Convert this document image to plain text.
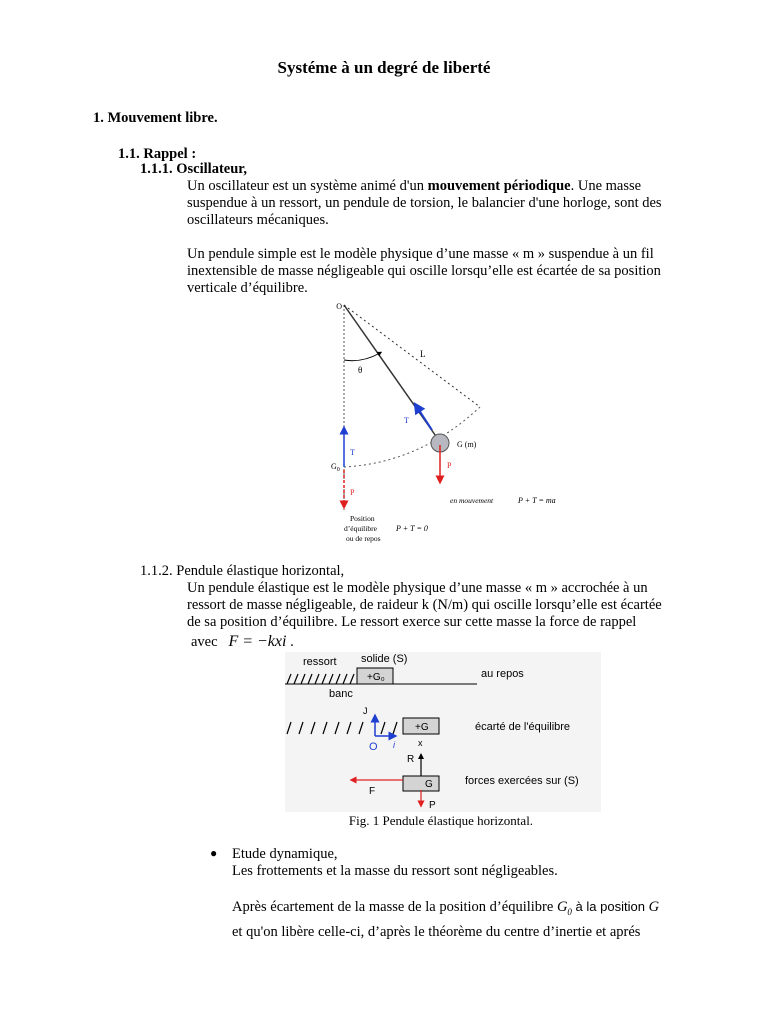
Systéme à un degré de liberté
1. Mouvement libre.
1.1. Rappel :
1.1.1. Oscillateur,
Un oscillateur est un système animé d'un mouvement périodique. Une masse
suspendue à un ressort, un pendule de torsion, le balancier d'une horloge, sont des
oscillateurs mécaniques.
Un pendule simple est le modèle physique d’une masse « m » suspendue à un fil
inextensible de masse négligeable qui oscille lorsqu’elle est écartée de sa position
verticale d’équilibre.
O
θ
L
T
G (m)
P
T
$G_0$
P
Position
d’équilibre
ou de repos
P + T = 0
en mouvement	P + T = ma
1.1.2. Pendule élastique horizontal,
Un pendule élastique est le modèle physique d’une masse « m » accrochée à un
ressort de masse négligeable, de raideur k (N/m) qui oscille lorsqu’elle est écartée
de sa position d’équilibre. Le ressort exerce sur cette masse la force de rappel
avec F = −kxi .
ressort solide (S)
+G₀	au repos
banc
J
O i
+G
x
écarté de l'équilibre
R
G
F
P
forces exercées sur (S)
Fig. 1 Pendule élastique horizontal.
● Etude dynamique,
Les frottements et la masse du ressort sont négligeables.
Après écartement de la masse de la position d’équilibre $G_0$ à la position G
et qu'on libère celle-ci, d’après le théorème du centre d’inertie et aprés
